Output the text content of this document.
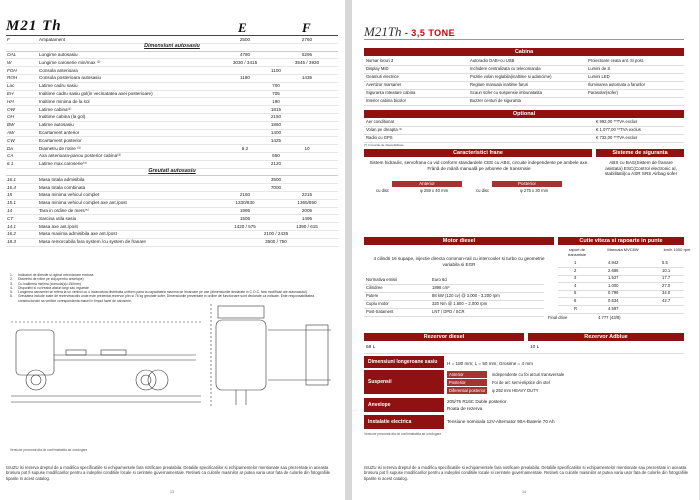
M21 Th	E	F
F	Ampatament	2500	2760
Dimensiuni autosasiu			
OAL	Lungime autosasiu	4780	5295
W	Lungime caroserie min/max ⁽²⁾	3030 / 3415	3545 / 3930
FOH	Consola anterioara	1100	
ROH	Consola posterioara autosasiu	1180	1435
Lac	Latime cadru sasiu	700	
EH	Inaltime cadru sasiu gol(in vecinatatea axei posterioare)	705	
HH	Inaltime minima de la sol	190	
OW	Latime cabina⁽¹⁾	1815	
OH	Inaltime cabina (la gol)	2150	
BW	Latime autosasiu	1860	
AW	Ecartament anterior	1400	
CW	Ecartament posterior	1425	
Da	Diametru de rotire ⁽³⁾	9,2	10
CA	Axa anterioara-panou posterior cabina⁽³⁾	650	
6.1	Latime max.caroserie⁽⁴⁾	2120	
Greutati autosasiu			
16.1	Masa totala admisibila	3500	
16.4	Masa totala combinata	7000	
15	Masa minima vehicul complet	2160	2215
15.1	Masa minima vehicul complet axe ant./post	1330/830	1365/850
14	Tara in ordine de mers⁽⁵⁾	1995	2005
CT	Sarcina utila sasiu	1505	1495
14.1	Masa axe ant./post	1420 / 575	1390 / 615
16.2	Masa maxima admisibila axe ant./post	2100 / 2435	
18.3	Masa remorcabila fara system /cu system de franare	3500 / 750	
1.	Indicatori de directie si oglinzi retrovizoare excluse
2.	Diametru de rotire pe zid(opentru anvelope)
3.	Cu inaltimea minima (consola(s)=150mm)
4.	Disponibil si cu treaba alaturi largi sau ingueste
5.	Lungimea caroseriei se refera la un vehicul cu o incarcatura distribuita uniform pana la capacitatea maxima de incarcare pe axe (dimensiunile declarate in C.O.C. fara modificari ale autovasului)
6.	Greutatea include toate de rezervetacotis unde este prezentat,rezervor plin si 75 kg greutate sofer. Dimensiunile prezentate in ordine de functionare sunt declarate ca indicate. Este responsabilitatea constructorului sa verifice corespondenta masei in timpul fazei de caroserie.
Versiune preconstruita de confirmatabila ad omologare
ISUZU isi rezerva dreptul de a modifica specificatiile si echipamentele fara notificare prealabila. Detaliile specificatiilor si echipamentelor mentionate sau prezentate in aceasta brosura pot fi supuse modificarilor pentru a indeplini conditiile locale si cerintele guvernamentale. Retineti ca culorile masinilor ar putea varia usor fata de culorile din fotografiile tiparite in acest catalog.
13
M21Th - 3,5 TONE
Cabina
Numar locuri 3	Autoradio DAB+cu USB	Proiectoare ceata ant. Si post.
Display MID	Inchidere centralizata cu telecomanda	Lumini de zi
Geamuri electrice	Pozitie volan reglabila(inaltime si adancime)	Lumini LED
Avertizor marsarier	Reglare manuala inaltime faruri	Iluminarea automata a farurilor
Siguranta roteatare cabina	Scaun sofer cu suspensie imbunatatita	Parasolar(sofer)
Interior cabina bicolor	Buzzer centuri de siguranta
Optional
Aer conditionat	€ 992,00 **TVA exclus
Volan pe dreapta ⁽¹⁾	€ 1.077,00 **TVA exclus
Radio cu GPS	€ 732,00 **TVA exclus
(*) In functie de disponibilitate
Caracteristici frane	Sisteme de siguranta
Sistem hidraulic, servofrana cu vid conform standardele CEE cu ABS, circuite independente pe ambele axe. Frână de mână manuală pe arborele de transmisie
ABS cu BAS(Sistem de franare asistata) ESC(Control electronic al, stabilitatii)cu ASR SRS Airbag sofer
Anterior	Posterior
cu disc	φ 259 x 40 mm	cu disc	φ 275 x 30 mm
Motor diesel	Cutie viteza si rapoarte in punte
4 cilindri 16 supape, injectie directa common-rail cu intercooler si turbo cu geometrie variabila si EGR
Normativa emisii	Euro 6d
Cilindree	1898 cm³
Putere	88 kW (120 cv) @ 3.000 - 3.200 rpm
Cuplu motor	320 Nm @ 1.600 – 2.000 rpm
Post-tratament	LNT / DPD / SCR
raport de transmisie
Manuala MVC6W	km/h 1000 rpm
1	4.942	5.5
2	2.686	10.1
3	1.527	17.7
4	1.000	27.0
5	0.796	34.0
6	0.634	42.7
R	4.597
Final drive	4.777 (43/9)
Rezervor diesel	Rezervor Adblue
68 L	10 L
Dimensiuni longeroane sasiu	H = 180 mm; L = 50 mm; Grosime = 4 mm
Suspensii
Anterior	independente cu foi arcuri transversale
Posterior	Foi de arc semi-eliptice din otel
Diferential posterior	φ 292 mm HEAVY DUTY
Anvelope
205/75 R16C Duble posterior
Roata de rezerva
Instalatie electrica	Tensiune nominala 12V-Alternator 90A-Baterie 70 Ah
Versiune preconstruita de confirmatabila ad omologare
ISUZU isi rezerva dreptul de a modifica specificatiile si echipamentele fara notificare prealabila. Detaliile specificatiilor si echipamentelor mentionate sau prezentate in aceasta brosura pot fi supuse modificarilor pentru a indeplini conditiile locale si cerintele guvernamentale. Retineti ca culorile masinilor ar putea varia usor fata de culorile din fotografiile tiparite in acest catalog.
14
